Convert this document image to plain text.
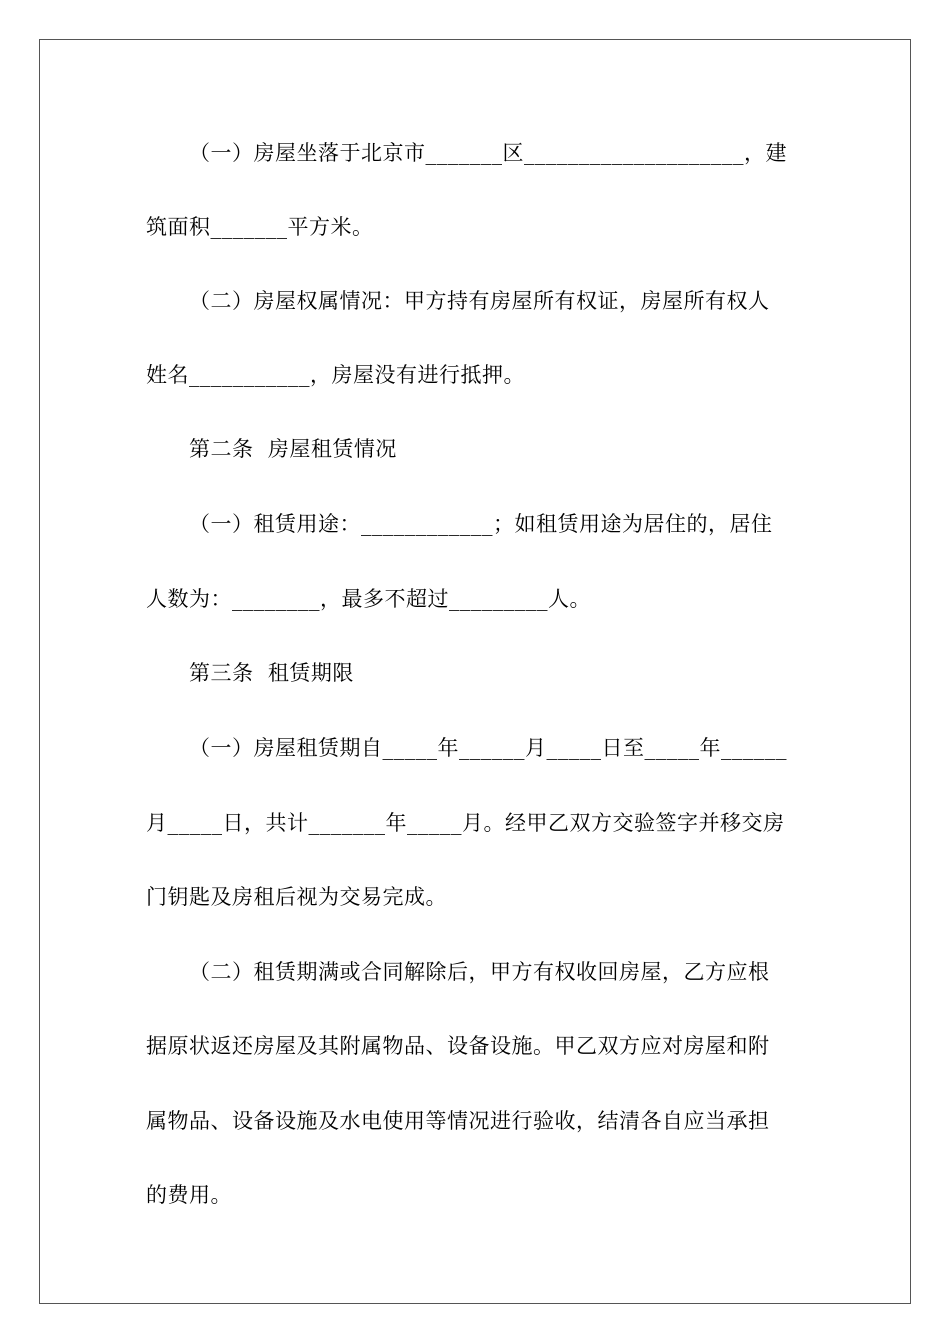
（一）房屋坐落于北京市_______区____________________，建
筑面积_______平方米。
（二）房屋权属情况：甲方持有房屋所有权证，房屋所有权人
姓名___________，房屋没有进行抵押。
第二条  房屋租赁情况
（一）租赁用途：____________；如租赁用途为居住的，居住
人数为：________，最多不超过_________人。
第三条  租赁期限
（一）房屋租赁期自_____年______月_____日至_____年______
月_____日，共计_______年_____月。经甲乙双方交验签字并移交房
门钥匙及房租后视为交易完成。
（二）租赁期满或合同解除后，甲方有权收回房屋，乙方应根
据原状返还房屋及其附属物品、设备设施。甲乙双方应对房屋和附
属物品、设备设施及水电使用等情况进行验收，结清各自应当承担
的费用。
